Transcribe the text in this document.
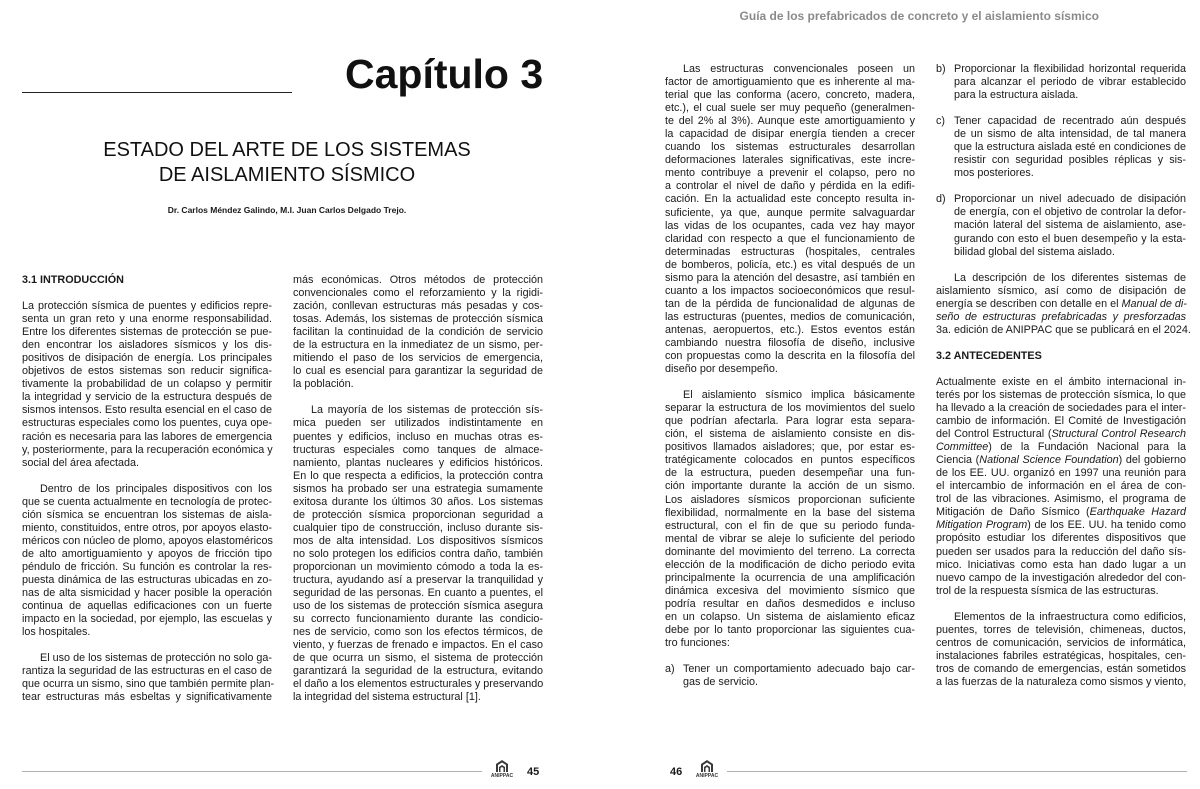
Guía de los prefabricados de concreto y el aislamiento sísmico
Capítulo 3
ESTADO DEL ARTE DE LOS SISTEMAS
DE AISLAMIENTO SÍSMICO
Dr. Carlos Méndez Galindo, M.I. Juan Carlos Delgado Trejo.
3.1 INTRODUCCIÓN
La protección sísmica de puentes y edificios repre-
senta un gran reto y una enorme responsabilidad.
Entre los diferentes sistemas de protección se pue-
den encontrar los aisladores sísmicos y los dis-
positivos de disipación de energía. Los principales
objetivos de estos sistemas son reducir significa-
tivamente la probabilidad de un colapso y permitir
la integridad y servicio de la estructura después de
sismos intensos. Esto resulta esencial en el caso de
estructuras especiales como los puentes, cuya ope-
ración es necesaria para las labores de emergencia
y, posteriormente, para la recuperación económica y
social del área afectada.
Dentro de los principales dispositivos con los
que se cuenta actualmente en tecnología de protec-
ción sísmica se encuentran los sistemas de aisla-
miento, constituidos, entre otros, por apoyos elasto-
méricos con núcleo de plomo, apoyos elastoméricos
de alto amortiguamiento y apoyos de fricción tipo
péndulo de fricción. Su función es controlar la res-
puesta dinámica de las estructuras ubicadas en zo-
nas de alta sismicidad y hacer posible la operación
continua de aquellas edificaciones con un fuerte
impacto en la sociedad, por ejemplo, las escuelas y
los hospitales.
El uso de los sistemas de protección no solo ga-
rantiza la seguridad de las estructuras en el caso de
que ocurra un sismo, sino que también permite plan-
tear estructuras más esbeltas y significativamente
más económicas. Otros métodos de protección
convencionales como el reforzamiento y la rigidi-
zación, conllevan estructuras más pesadas y cos-
tosas. Además, los sistemas de protección sísmica
facilitan la continuidad de la condición de servicio
de la estructura en la inmediatez de un sismo, per-
mitiendo el paso de los servicios de emergencia,
lo cual es esencial para garantizar la seguridad de
la población.
La mayoría de los sistemas de protección sís-
mica pueden ser utilizados indistintamente en
puentes y edificios, incluso en muchas otras es-
tructuras especiales como tanques de almace-
namiento, plantas nucleares y edificios históricos.
En lo que respecta a edificios, la protección contra
sismos ha probado ser una estrategia sumamente
exitosa durante los últimos 30 años. Los sistemas
de protección sísmica proporcionan seguridad a
cualquier tipo de construcción, incluso durante sis-
mos de alta intensidad. Los dispositivos sísmicos
no solo protegen los edificios contra daño, también
proporcionan un movimiento cómodo a toda la es-
tructura, ayudando así a preservar la tranquilidad y
seguridad de las personas. En cuanto a puentes, el
uso de los sistemas de protección sísmica asegura
su correcto funcionamiento durante las condicio-
nes de servicio, como son los efectos térmicos, de
viento, y fuerzas de frenado e impactos. En el caso
de que ocurra un sismo, el sistema de protección
garantizará la seguridad de la estructura, evitando
el daño a los elementos estructurales y preservando
la integridad del sistema estructural [1].
Las estructuras convencionales poseen un
factor de amortiguamiento que es inherente al ma-
terial que las conforma (acero, concreto, madera,
etc.), el cual suele ser muy pequeño (generalmen-
te del 2% al 3%). Aunque este amortiguamiento y
la capacidad de disipar energía tienden a crecer
cuando los sistemas estructurales desarrollan
deformaciones laterales significativas, este incre-
mento contribuye a prevenir el colapso, pero no
a controlar el nivel de daño y pérdida en la edifi-
cación. En la actualidad este concepto resulta in-
suficiente, ya que, aunque permite salvaguardar
las vidas de los ocupantes, cada vez hay mayor
claridad con respecto a que el funcionamiento de
determinadas estructuras (hospitales, centrales
de bomberos, policía, etc.) es vital después de un
sismo para la atención del desastre, así también en
cuanto a los impactos socioeconómicos que resul-
tan de la pérdida de funcionalidad de algunas de
las estructuras (puentes, medios de comunicación,
antenas, aeropuertos, etc.). Estos eventos están
cambiando nuestra filosofía de diseño, inclusive
con propuestas como la descrita en la filosofía del
diseño por desempeño.
El aislamiento sísmico implica básicamente
separar la estructura de los movimientos del suelo
que podrían afectarla. Para lograr esta separa-
ción, el sistema de aislamiento consiste en dis-
positivos llamados aisladores; que, por estar es-
tratégicamente colocados en puntos específicos
de la estructura, pueden desempeñar una fun-
ción importante durante la acción de un sismo.
Los aisladores sísmicos proporcionan suficiente
flexibilidad, normalmente en la base del sistema
estructural, con el fin de que su periodo funda-
mental de vibrar se aleje lo suficiente del periodo
dominante del movimiento del terreno. La correcta
elección de la modificación de dicho periodo evita
principalmente la ocurrencia de una amplificación
dinámica excesiva del movimiento sísmico que
podría resultar en daños desmedidos e incluso
en un colapso. Un sistema de aislamiento eficaz
debe por lo tanto proporcionar las siguientes cua-
tro funciones:
a) Tener un comportamiento adecuado bajo car-
gas de servicio.
b) Proporcionar la flexibilidad horizontal requerida
para alcanzar el periodo de vibrar establecido
para la estructura aislada.
c) Tener capacidad de recentrado aún después
de un sismo de alta intensidad, de tal manera
que la estructura aislada esté en condiciones de
resistir con seguridad posibles réplicas y sis-
mos posteriores.
d) Proporcionar un nivel adecuado de disipación
de energía, con el objetivo de controlar la defor-
mación lateral del sistema de aislamiento, ase-
gurando con esto el buen desempeño y la esta-
bilidad global del sistema aislado.
La descripción de los diferentes sistemas de
aislamiento sísmico, así como de disipación de
energía se describen con detalle en el Manual de di-
seño de estructuras prefabricadas y presforzadas
3a. edición de ANIPPAC que se publicará en el 2024.
3.2 ANTECEDENTES
Actualmente existe en el ámbito internacional in-
terés por los sistemas de protección sísmica, lo que
ha llevado a la creación de sociedades para el inter-
cambio de información. El Comité de Investigación
del Control Estructural (Structural Control Research
Committee) de la Fundación Nacional para la
Ciencia (National Science Foundation) del gobierno
de los EE. UU. organizó en 1997 una reunión para
el intercambio de información en el área de con-
trol de las vibraciones. Asimismo, el programa de
Mitigación de Daño Sísmico (Earthquake Hazard
Mitigation Program) de los EE. UU. ha tenido como
propósito estudiar los diferentes dispositivos que
pueden ser usados para la reducción del daño sís-
mico. Iniciativas como esta han dado lugar a un
nuevo campo de la investigación alrededor del con-
trol de la respuesta sísmica de las estructuras.
Elementos de la infraestructura como edificios,
puentes, torres de televisión, chimeneas, ductos,
centros de comunicación, servicios de informática,
instalaciones fabriles estratégicas, hospitales, cen-
tros de comando de emergencias, están sometidos
a las fuerzas de la naturaleza como sismos y viento,
ANIPPAC 45	46	ANIPPAC
